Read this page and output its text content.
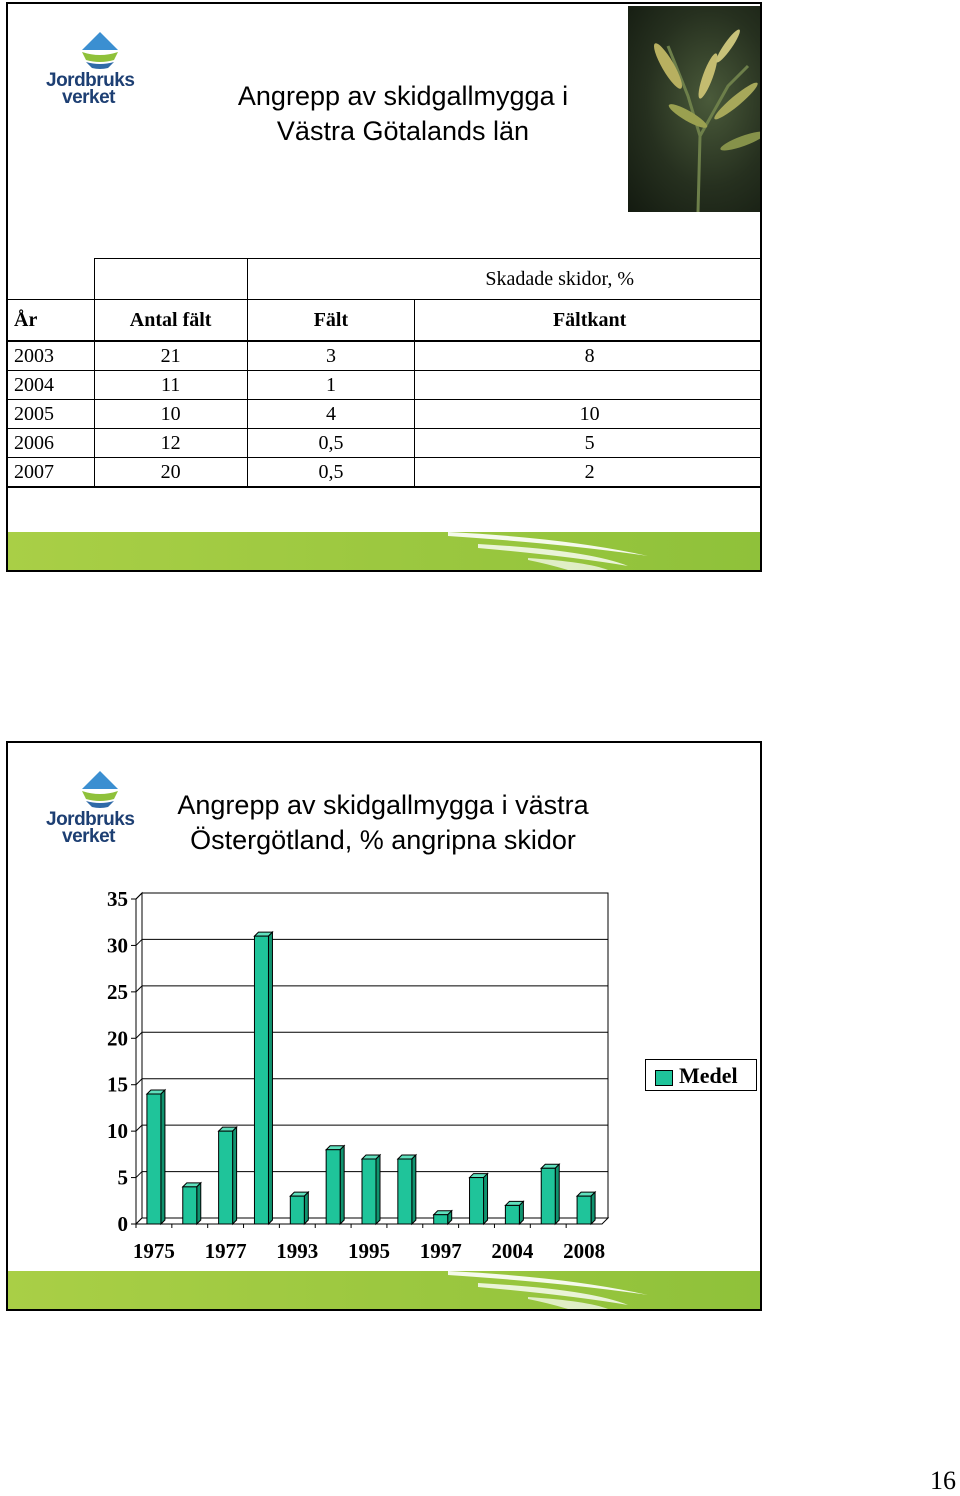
Jordbruks
verket	Angrepp av skidgallmygga i
Västra Götalands län
		Skadade skidor, %	
År	Antal fält	Fält	Fältkant
2003	21	3	8
2004	11	1	
2005	10	4	10
2006	12	0,5	5
2007	20	0,5	2
Jordbruks
verket
Angrepp av skidgallmygga i västra
Östergötland, % angripna skidor
0
5
10
15
20
25
30
35
1975 1977 1993 1995 1997 2004 2008
Medel
16
